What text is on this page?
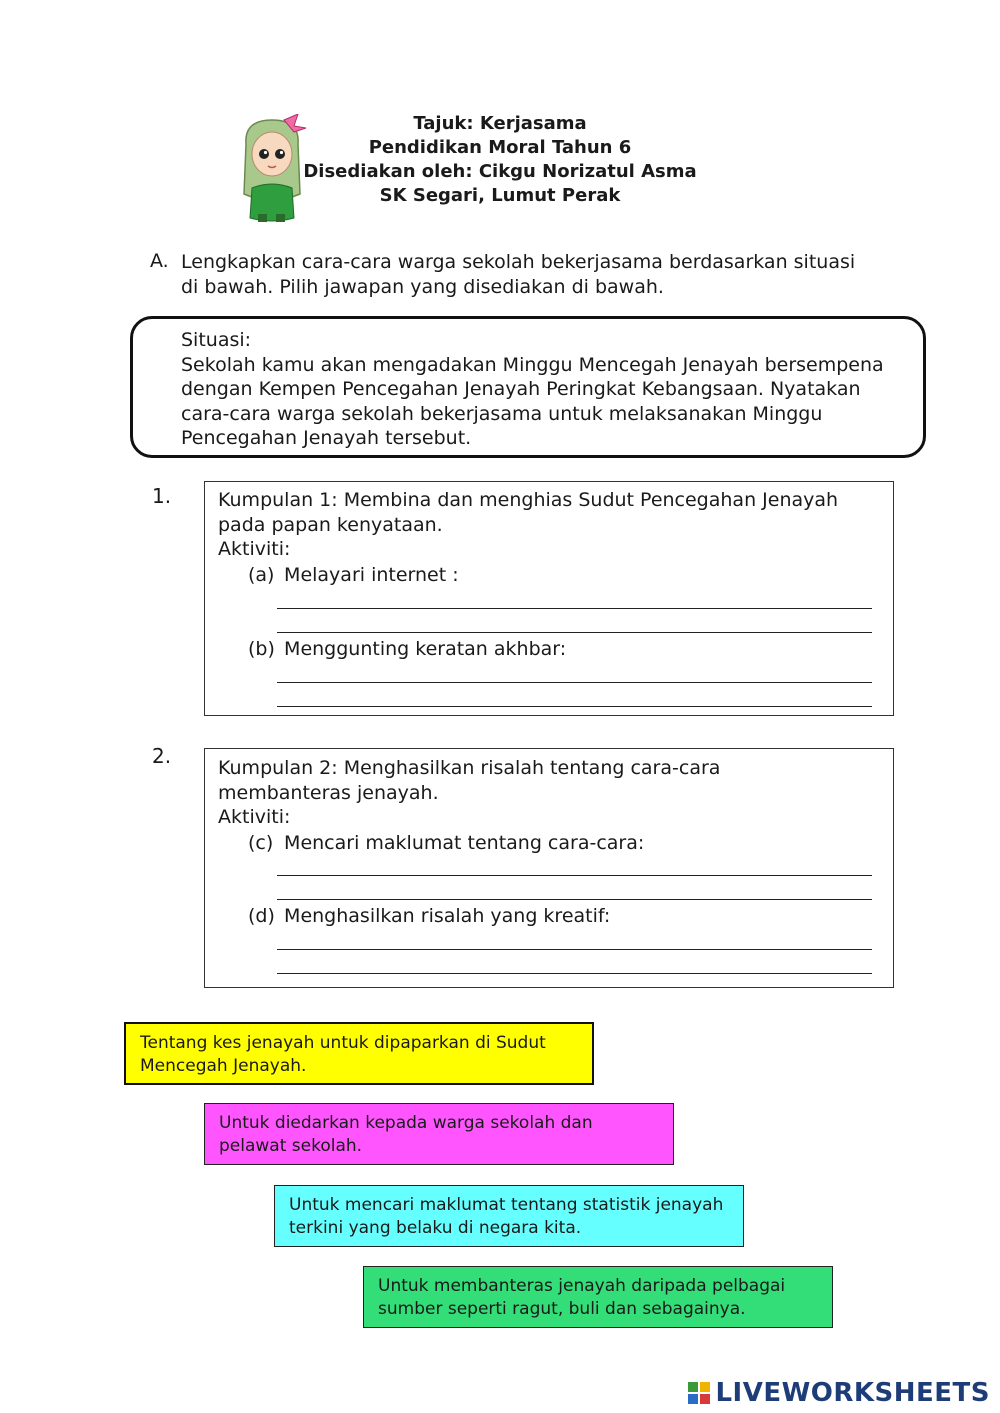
Tajuk: Kerjasama
Pendidikan Moral Tahun 6
Disediakan oleh: Cikgu Norizatul Asma
SK Segari, Lumut Perak
A. Lengkapkan cara-cara warga sekolah bekerjasama berdasarkan situasi di bawah. Pilih jawapan yang disediakan di bawah.
Situasi:
Sekolah kamu akan mengadakan Minggu Mencegah Jenayah bersempena dengan Kempen Pencegahan Jenayah Peringkat Kebangsaan. Nyatakan cara-cara warga sekolah bekerjasama untuk melaksanakan Minggu Pencegahan Jenayah tersebut.
1. Kumpulan 1: Membina dan menghias Sudut Pencegahan Jenayah pada papan kenyataan.
Aktiviti:
(a) Melayari internet :
(b) Menggunting keratan akhbar:
2. Kumpulan 2: Menghasilkan risalah tentang cara-cara membanteras jenayah.
Aktiviti:
(c) Mencari maklumat tentang cara-cara:
(d) Menghasilkan risalah yang kreatif:
Tentang kes jenayah untuk dipaparkan di Sudut Mencegah Jenayah.
Untuk diedarkan kepada warga sekolah dan pelawat sekolah.
Untuk mencari maklumat tentang statistik jenayah terkini yang belaku di negara kita.
Untuk membanteras jenayah daripada pelbagai sumber seperti ragut, buli dan sebagainya.
LIVEWORKSHEETS
